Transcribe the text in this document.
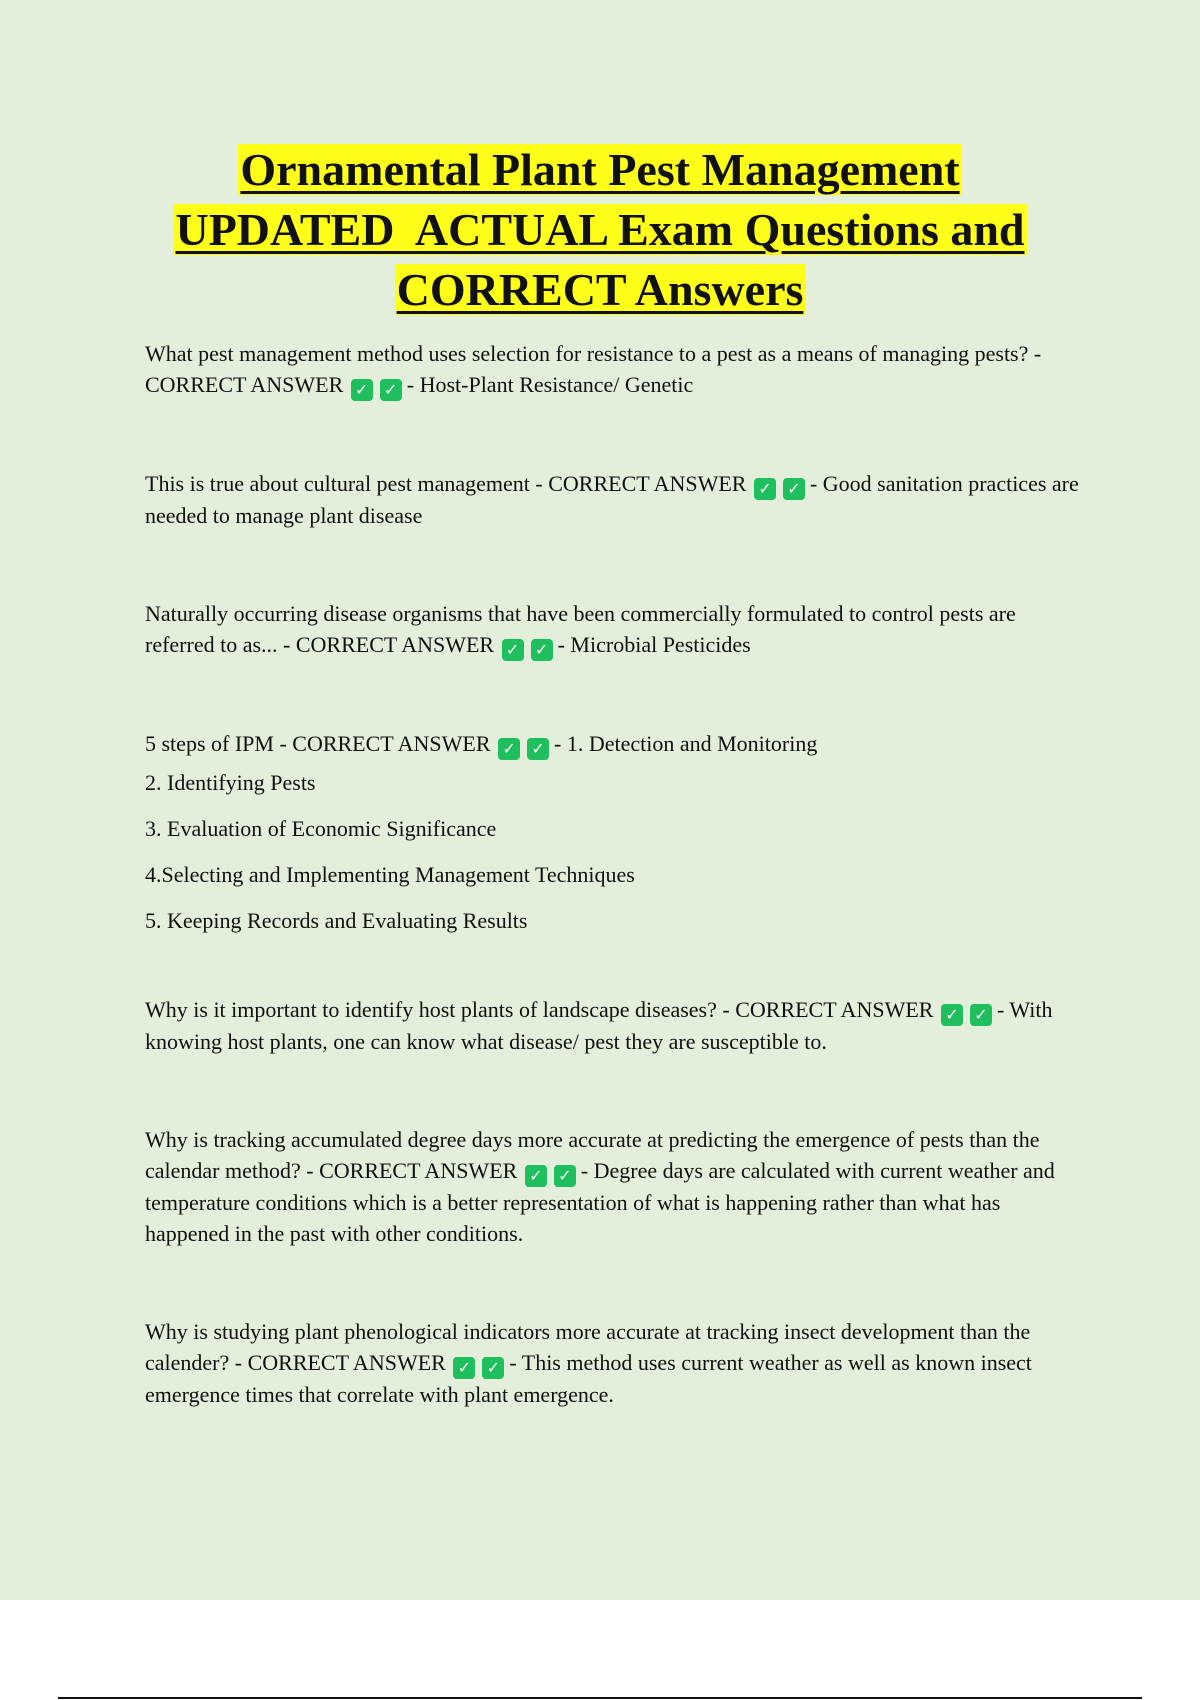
Ornamental Plant Pest Management
UPDATED  ACTUAL Exam Questions and
CORRECT Answers

What pest management method uses selection for resistance to a pest as a means of managing pests? - CORRECT ANSWER ✓ ✓ - Host-Plant Resistance/ Genetic

This is true about cultural pest management - CORRECT ANSWER ✓ ✓ - Good sanitation practices are needed to manage plant disease

Naturally occurring disease organisms that have been commercially formulated to control pests are referred to as... - CORRECT ANSWER ✓ ✓ - Microbial Pesticides

5 steps of IPM - CORRECT ANSWER ✓ ✓ - 1. Detection and Monitoring

2. Identifying Pests

3. Evaluation of Economic Significance

4.Selecting and Implementing Management Techniques

5. Keeping Records and Evaluating Results

Why is it important to identify host plants of landscape diseases? - CORRECT ANSWER ✓ ✓ - With knowing host plants, one can know what disease/ pest they are susceptible to.

Why is tracking accumulated degree days more accurate at predicting the emergence of pests than the calendar method? - CORRECT ANSWER ✓ ✓ - Degree days are calculated with current weather and temperature conditions which is a better representation of what is happening rather than what has happened in the past with other conditions.

Why is studying plant phenological indicators more accurate at tracking insect development than the calender? - CORRECT ANSWER ✓ ✓ - This method uses current weather as well as known insect emergence times that correlate with plant emergence.
